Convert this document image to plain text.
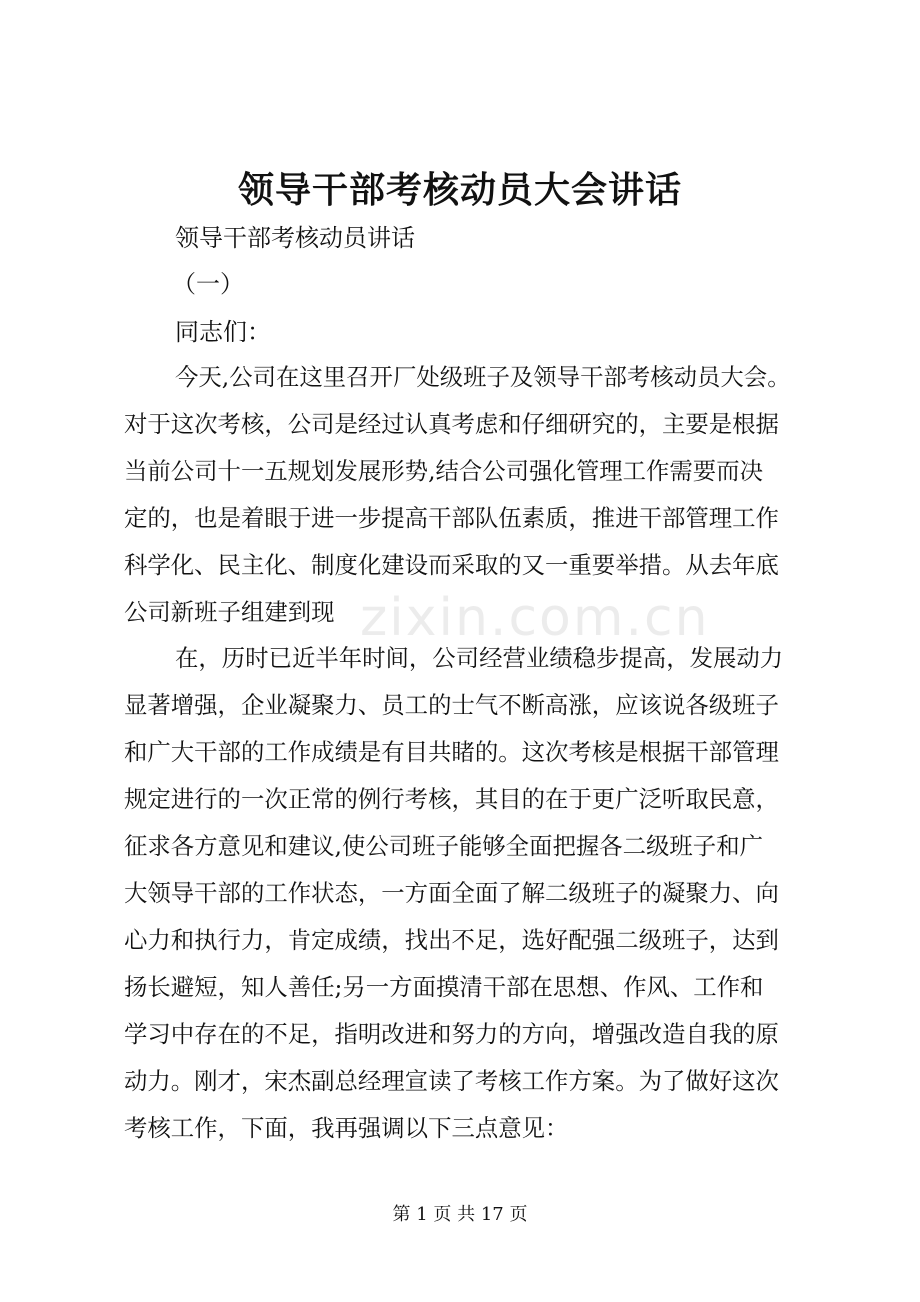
领导干部考核动员大会讲话
zixin.com.cn

领导干部考核动员讲话

（一）

同志们：

今天,公司在这里召开厂处级班子及领导干部考核动员大会。

对于这次考核，公司是经过认真考虑和仔细研究的，主要是根据

当前公司十一五规划发展形势,结合公司强化管理工作需要而决

定的，也是着眼于进一步提高干部队伍素质，推进干部管理工作

科学化、民主化、制度化建设而采取的又一重要举措。从去年底

公司新班子组建到现

在，历时已近半年时间，公司经营业绩稳步提高，发展动力

显著增强，企业凝聚力、员工的士气不断高涨，应该说各级班子

和广大干部的工作成绩是有目共睹的。这次考核是根据干部管理

规定进行的一次正常的例行考核，其目的在于更广泛听取民意，

征求各方意见和建议,使公司班子能够全面把握各二级班子和广

大领导干部的工作状态，一方面全面了解二级班子的凝聚力、向

心力和执行力，肯定成绩，找出不足，选好配强二级班子，达到

扬长避短，知人善任;另一方面摸清干部在思想、作风、工作和

学习中存在的不足，指明改进和努力的方向，增强改造自我的原

动力。刚才，宋杰副总经理宣读了考核工作方案。为了做好这次

考核工作，下面，我再强调以下三点意见：

第 1 页 共 17 页
